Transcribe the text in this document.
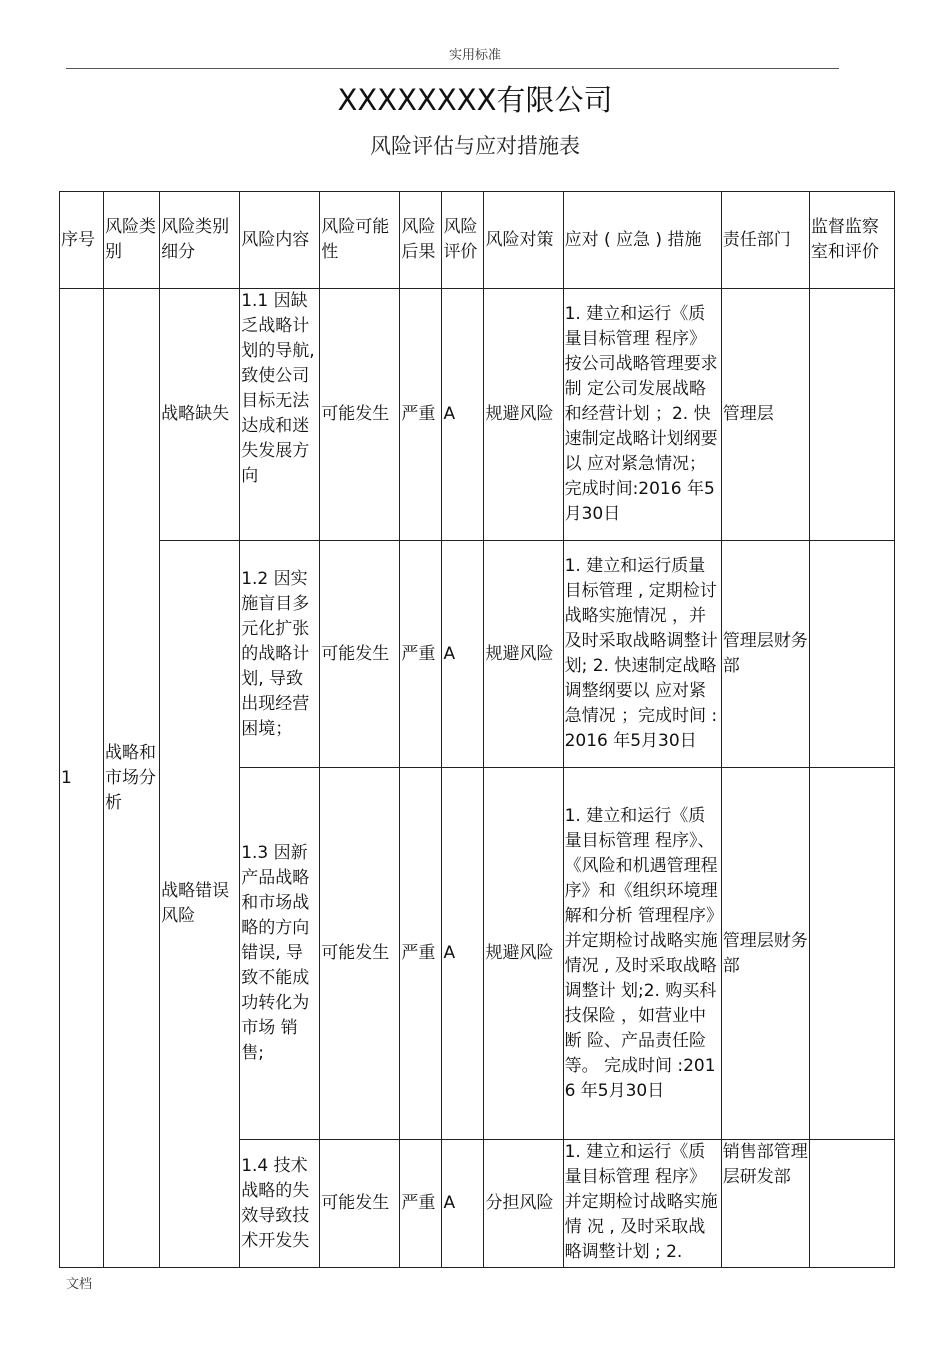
实用标准
XXXXXXXX有限公司
风险评估与应对措施表
序号	风险类别	风险类别细分	风险内容	风险可能性	风险后果	风险评价	风险对策	应对 ( 应急 ) 措施	责任部门	监督监察室和评价
1	战略和市场分析	战略缺失	1.1 因缺乏战略计划的导航, 致使公司目标无法达成和迷失发展方向	可能发生	严重	A	规避风险	1. 建立和运行《质量目标管理 程序》按公司战略管理要求制 定公司发展战略和经营计划 ；2. 快速制定战略计划纲要以 应对紧急情况； 完成时间:2016 年5月30日	管理层	
		战略错误风险	1.2 因实施盲目多元化扩张的战略计划, 导致出现经营困境；	可能发生	严重	A	规避风险	1. 建立和运行质量目标管理 , 定期检讨战略实施情况 ，并及时采取战略调整计 划; 2. 快速制定战略调整纲要以 应对紧急情况 ；完成时间 :2016 年5月30日	管理层财务部	
			1.3 因新产品战略和市场战略的方向错误, 导致不能成功转化为市场 销售;	可能发生	严重	A	规避风险	1. 建立和运行《质量目标管理 程序》、《风险和机遇管理程 序》和《组织环境理解和分析 管理程序》并定期检讨战略实施情况 , 及时采取战略调整计 划;2. 购买科技保险 ，如营业中断 险、产品责任险等。 完成时间 :2016 年5月30日	管理层财务部	
			1.4 技术战略的失效导致技术开发失	可能发生	严重	A	分担风险	1. 建立和运行《质量目标管理 程序》并定期检讨战略实施情 况 , 及时采取战略调整计划 ; 2.	销售部管理层研发部	
文档
